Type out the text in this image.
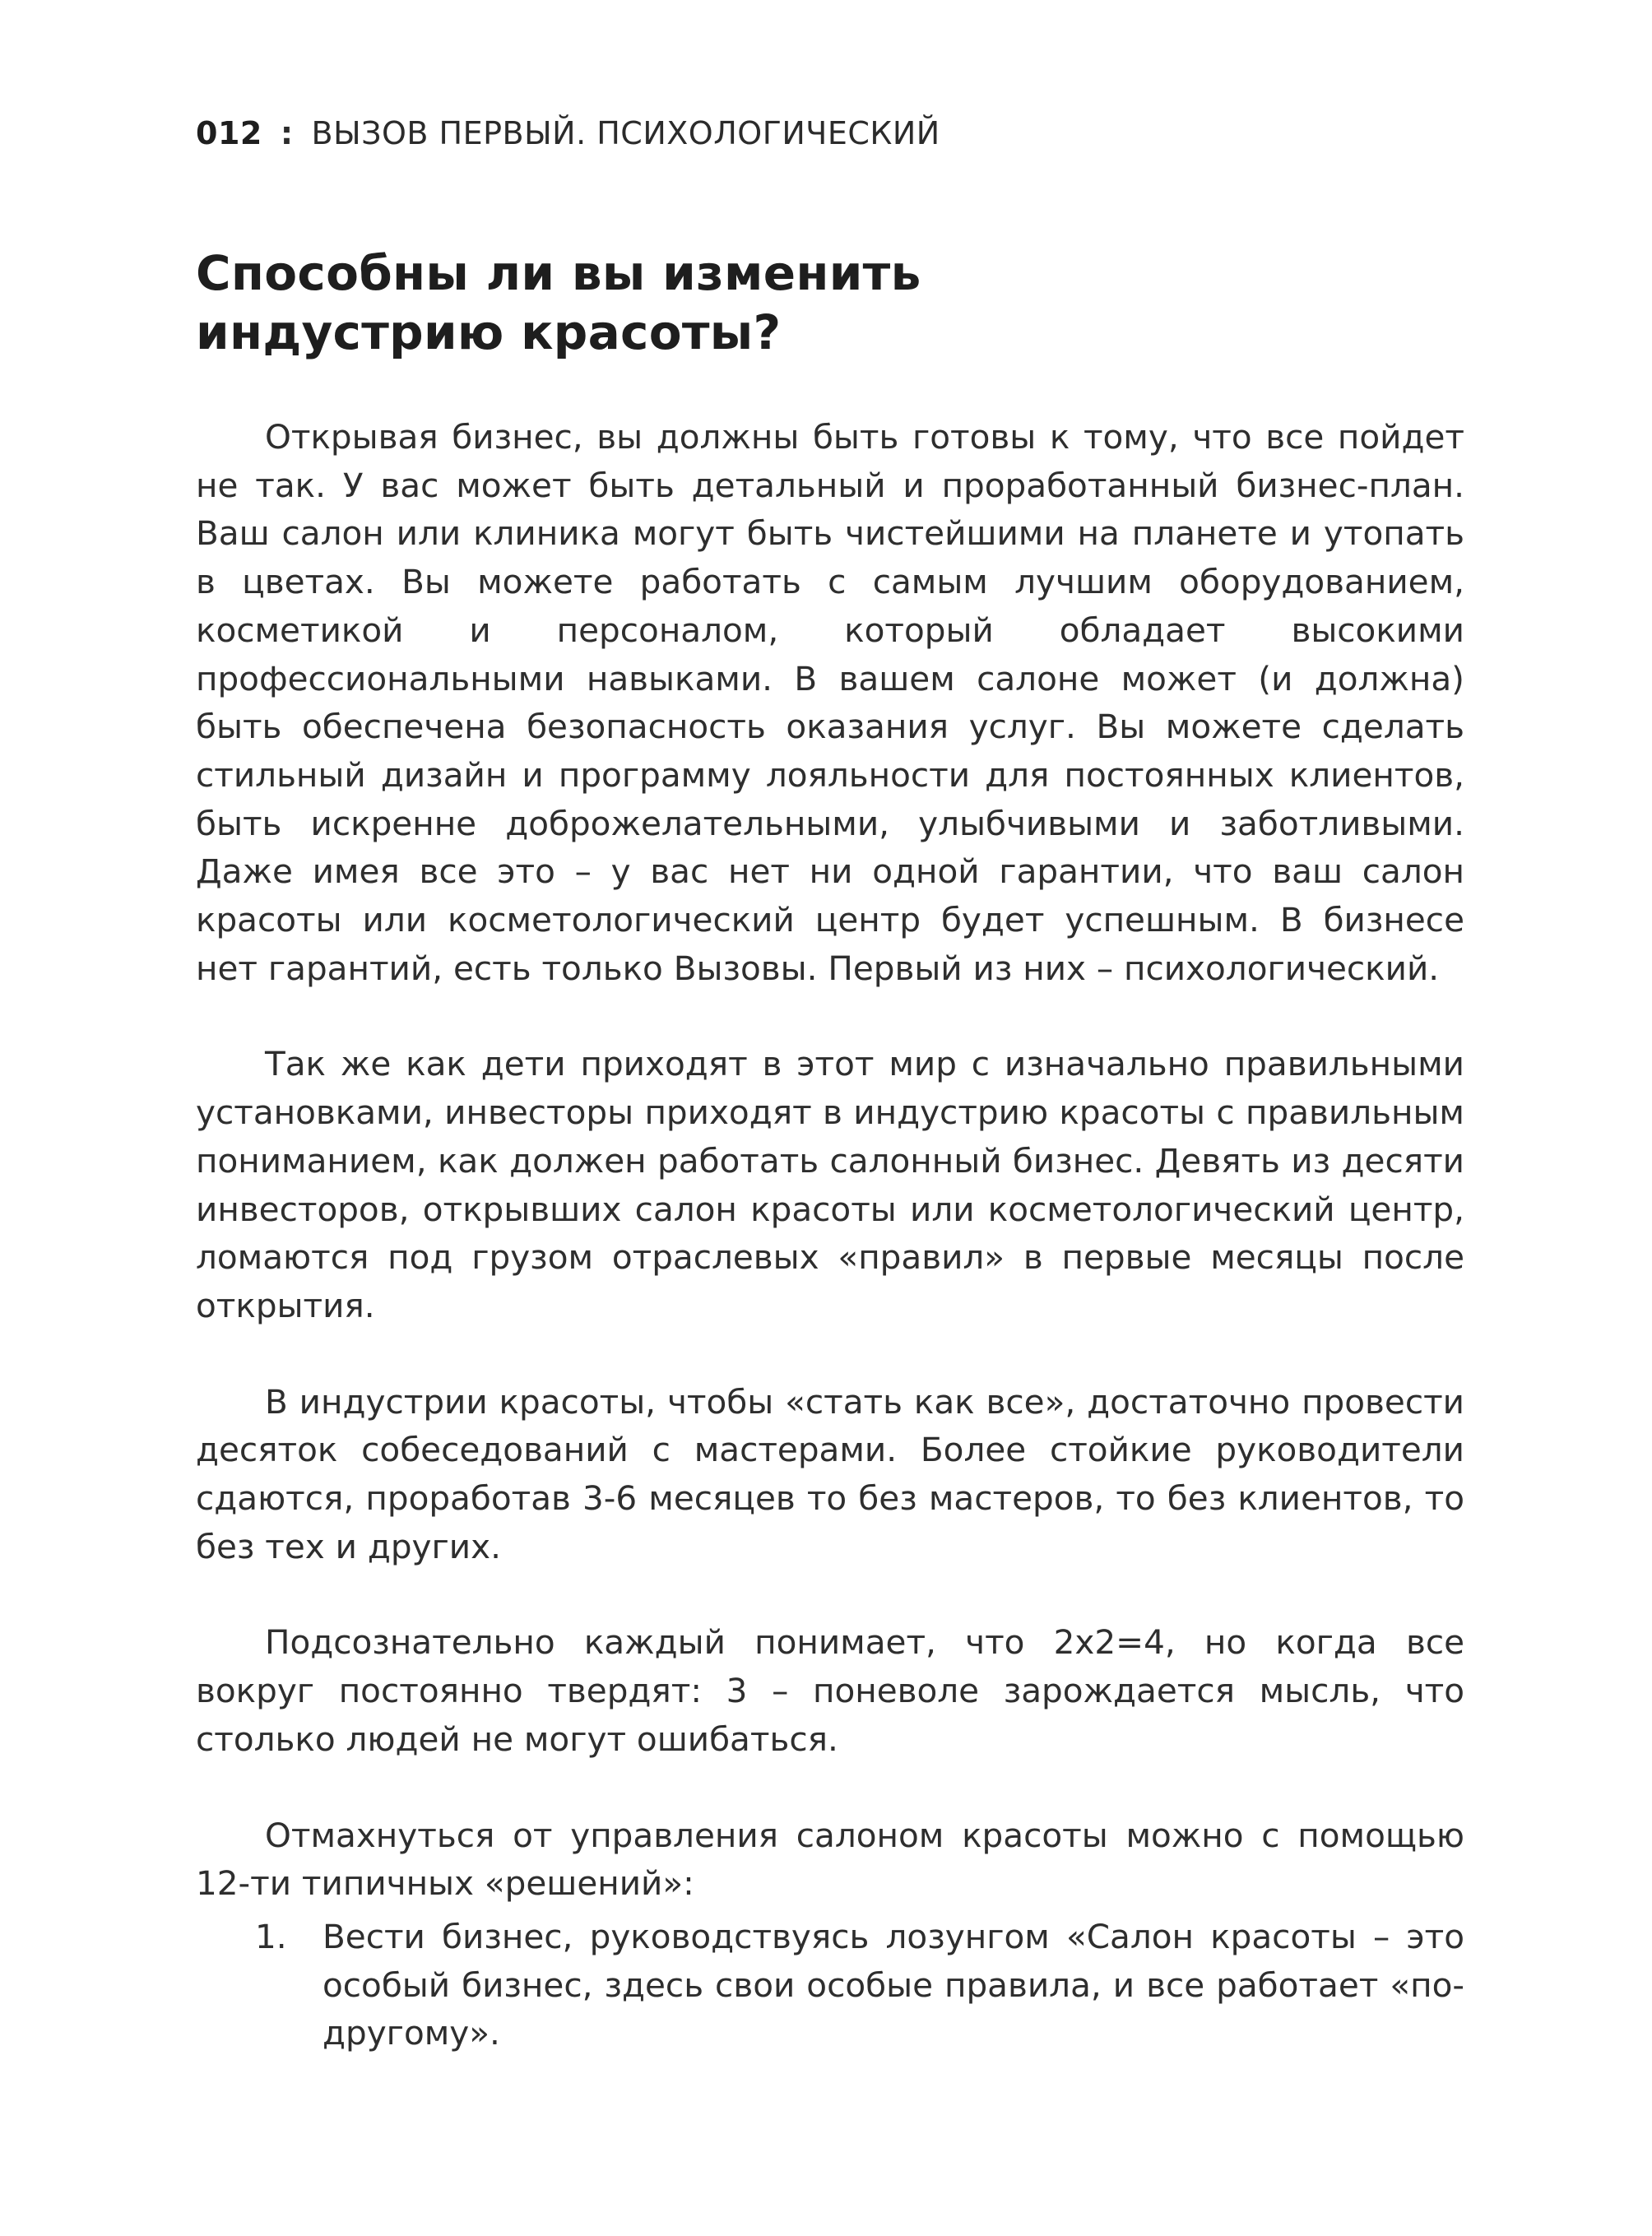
012 : ВЫЗОВ ПЕРВЫЙ. ПСИХОЛОГИЧЕСКИЙ
Способны ли вы изменить
индустрию красоты?

Открывая бизнес, вы должны быть готовы к тому, что все пойдет не так. У вас может быть детальный и проработанный бизнес-план. Ваш салон или клиника могут быть чистейшими на планете и утопать в цветах. Вы можете работать с самым лучшим оборудованием, косметикой и персоналом, который обладает высокими профессиональными навыками. В вашем салоне может (и должна) быть обеспечена безопасность оказания услуг. Вы можете сделать стильный дизайн и программу лояльности для постоянных клиентов, быть искренне доброжелательными, улыбчивыми и заботливыми. Даже имея все это – у вас нет ни одной гарантии, что ваш салон красоты или косметологический центр будет успешным. В бизнесе нет гарантий, есть только Вызовы. Первый из них – психологический.

Так же как дети приходят в этот мир с изначально правильными установками, инвесторы приходят в индустрию красоты с правильным пониманием, как должен работать салонный бизнес. Девять из десяти инвесторов, открывших салон красоты или косметологический центр, ломаются под грузом отраслевых «правил» в первые месяцы после открытия.

В индустрии красоты, чтобы «стать как все», достаточно провести десяток собеседований с мастерами. Более стойкие руководители сдаются, проработав 3-6 месяцев то без мастеров, то без клиентов, то без тех и других.

Подсознательно каждый понимает, что 2х2=4, но когда все вокруг постоянно твердят: 3 – поневоле зарождается мысль, что столько людей не могут ошибаться.

Отмахнуться от управления салоном красоты можно с помощью 12-ти типичных «решений»:

1.	Вести бизнес, руководствуясь лозунгом «Салон красоты – это особый бизнес, здесь свои особые правила, и все работает «по-другому».
